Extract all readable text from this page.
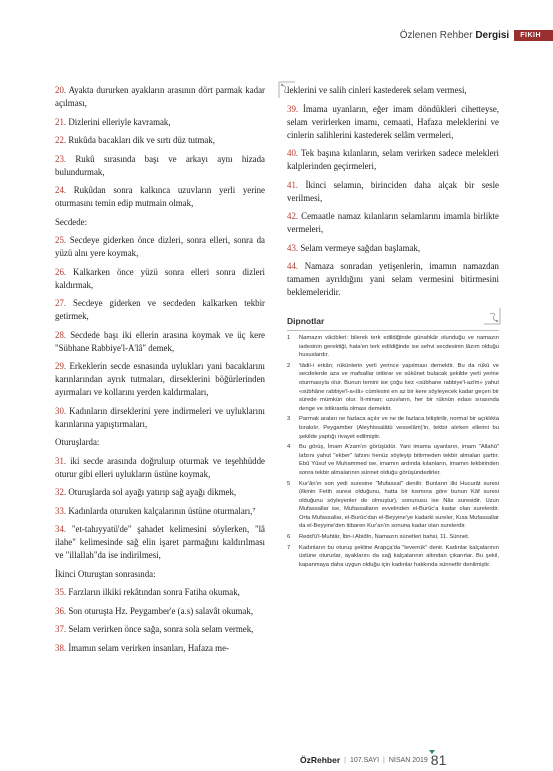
Özlenen Rehber Dergisi	FIKIH

20. Ayakta dururken ayakların arasının dört parmak kadar açılması,

21. Dizlerini elleriyle kavramak,

22. Rukûda bacakları dik ve sırtı düz tutmak,

23. Rukû sırasında başı ve arkayı aynı hizada bulundurmak,

24. Rukûdan sonra kalkınca uzuvların yerli yerine oturmasını temin edip mutmain olmak,

Secdede:

25. Secdeye giderken önce dizleri, sonra elleri, sonra da yüzü alnı yere koymak,

26. Kalkarken önce yüzü sonra elleri sonra dizleri kaldırmak,

27. Secdeye giderken ve secdeden kalkarken tekbir getirmek,

28. Secdede başı iki ellerin arasına koymak ve üç kere "Sübhane Rabbiye'l-A'lâ" demek,

29. Erkeklerin secde esnasında uylukları yani bacaklarını karınlarından ayrık tutmaları, dirseklerini böğürlerinden ayırmaları ve kollarını yerden kaldırmaları,

30. Kadınların dirseklerini yere indirmeleri ve uyluklarını karınlarına yapıştırmaları,

Oturuşlarda:

31. iki secde arasında doğruluıp oturmak ve teşehhüdde oturur gibi elleri uylukların üstüne koymak,

32. Oturuşlarda sol ayağı yatırıp sağ ayağı dikmek,

33. Kadınlarda oturuken kalçalarının üstüne oturmaları,⁷

34. "et-tahıyyatü'de" şahadet kelimesini söylerken, "lâ ilahe" kelimesinde sağ elin işaret parmağını kaldırılması ve "illallah"da ise indirilmesi,

İkinci Oturuştan sonrasında:

35. Farzların ilkiki rekâtından sonra Fatiha okumak,

36. Son oturuşta Hz. Peygamber'e (a.s) salavât okumak,

37. Selam verirken önce sağa, sonra sola selam vermek,

38. İmamın selam verirken insanları, Hafaza me-

leklerini ve salih cinleri kastederek selam vermesi,

39. İmama uyanların, eğer imam döndükleri cihetteyse, selam verirlerken imamı, cemaati, Hafaza meleklerini ve cinlerin salihlerini kastederek selâm vermeleri,

40. Tek başına kılanların, selam verirken sadece melekleri kalplerinden geçirmeleri,

41. İkinci selamın, birinciden daha alçak bir sesle verilmesi,

42. Cemaatle namaz kılanların selamlarını imamla birlikte vermeleri,

43. Selam vermeye sağdan başlamak,

44. Namaza sonradan yetişenlerin, imamın namazdan tamamen ayrıldığını yani selam vermesini bitirmesini beklemeleridir.

Dipnotlar
1	Namazın vâcibleri: bilerek terk edildiğinde günahkâr olunduğu ve namazın iadesinin gerektiği, hata'en terk edildiğinde ise sehvi secdesinin lâzım olduğu hususlardır.
2	'tâdil-i erkân; rükünlerin yerli yerince yapılması demektir. Bu da rükû ve secdelerde aza ve mafsallar istikrar ve sükûnet bulacak şekilde yerli yerine oturmasıyla olur. Bunun temini ise çoğu kez «sübhane rabbiye'l-azîm» yahut «sübhâne rabbiye'l-a«lâ» cümlesini en az bir kere söyleyecek kadar geçen bir sürede mümkün olur. İt-minan; uzuvların, her bir rüknün edası sırasında denge ve istikrarda olması demektir.
3	Parmak araları ne fazlaca açılır ve ne de fazlaca bitiştirilir, normal bir açıklıkta bırakılır. Peygamber (Aleyhissalâtü vesselâm)'in, tekbir alırken ellerini bu şekilde yaptığı rivayet edilmiştir.
4	Bu görüş, İmam A'zam'ın görüşüdür. Yani imama uyanların, imam "Allahû" lafzını yahut "ekber" lafzını henüz söyleyip bitirmeden tekbir almaları şarttır. Ebû Yûsuf ve Muhammed ise, imamın ardında kılanların, imamın tekbirinden sonra tekbir almalarının sünnet olduğu görüşündedirler.
5	Kur'ân'ın son yedi suresine "Mufassal" denilir. Bunların ilki Hucurât suresi (ilkinin Fetih suresi olduğunu, hatta bir kısmına göre bunun Kâf suresi olduğunu söyleyenler de olmuştur), sonunusu ise Nâs suresidir. Uzun Mufassallar ise, Mufassalların evvelinden el-Burûc'a kadar olan surelerdir. Orta Mufassallar, el-Burûc'dan el-Beyyine'ye kadarki sureler, Kısa Mufassallar da el-Beyyine'den itibaren Kur'an'ın sonuna kadar olan surelerdir.
6	Redd'ü'l-Muhtâr, İbn-i Abidîn, Namazın sünetleri bahsi, 11. Sünnet.
7	Kadınların bu oturuş şekline Arapça'da "teverrük" denir. Kadınlar kalçalarının üstüne otururlar, ayaklarını da sağ kalçalarının altından çıkarırlar. Bu şekil, kapanmaya daha uygun olduğu için kadınlar hakkında sünnettir denilmiştir.
ÖzRehber | 107.SAYI | NİSAN 2019 81
